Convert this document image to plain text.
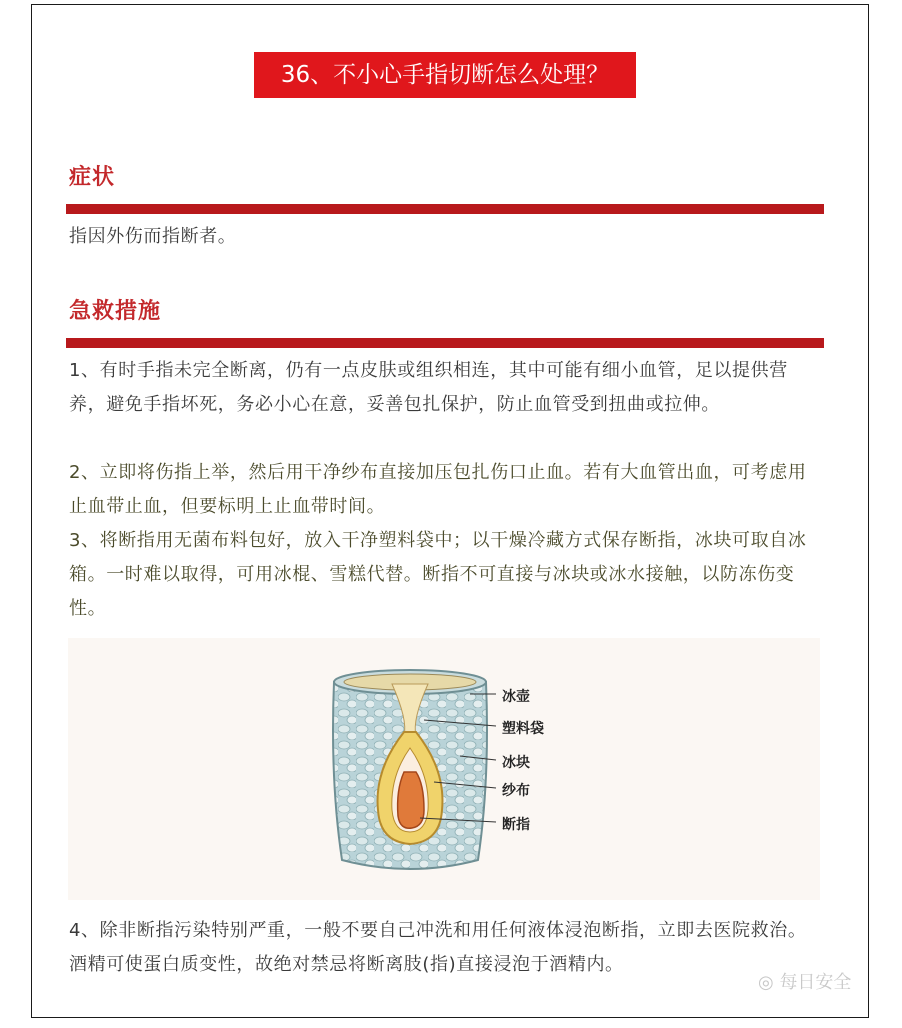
36、不小心手指切断怎么处理？
症状
指因外伤而指断者。
急救措施
1、有时手指未完全断离，仍有一点皮肤或组织相连，其中可能有细小血管，足以提供营养，避免手指坏死，务必小心在意，妥善包扎保护，防止血管受到扭曲或拉伸。
2、立即将伤指上举，然后用干净纱布直接加压包扎伤口止血。若有大血管出血，可考虑用止血带止血，但要标明上止血带时间。
3、将断指用无菌布料包好，放入干净塑料袋中；以干燥冷藏方式保存断指，冰块可取自冰箱。一时难以取得，可用冰棍、雪糕代替。断指不可直接与冰块或冰水接触，以防冻伤变性。
冰壶
塑料袋
冰块
纱布
断指
4、除非断指污染特别严重，一般不要自己冲洗和用任何液体浸泡断指，立即去医院救治。酒精可使蛋白质变性，故绝对禁忌将断离肢(指)直接浸泡于酒精内。
◎ 每日安全
